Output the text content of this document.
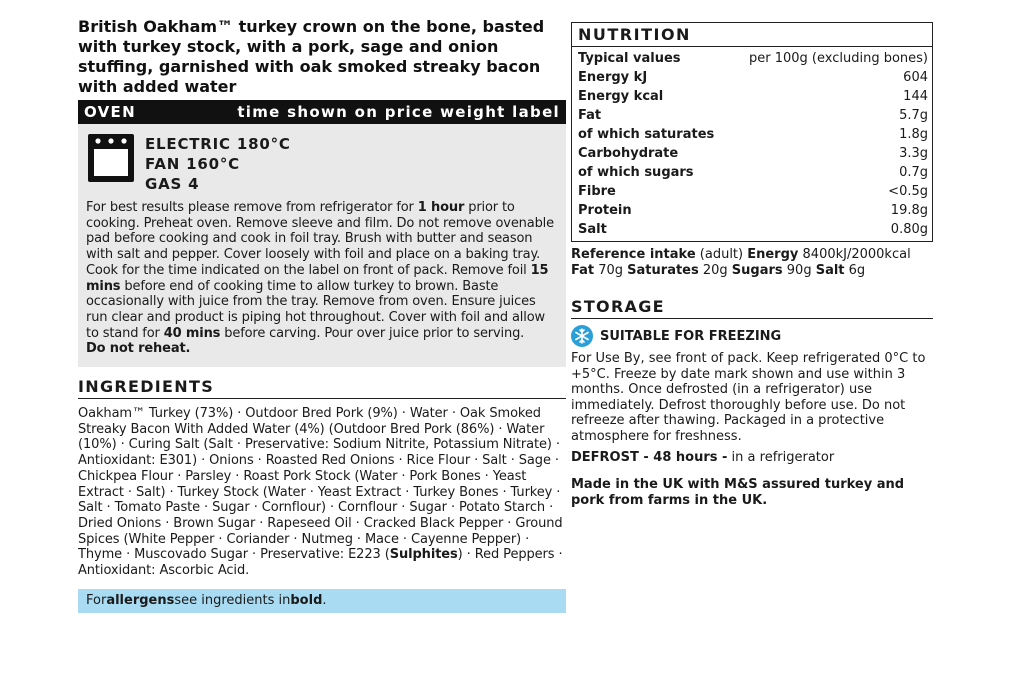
British Oakham™ turkey crown on the bone, basted with turkey stock, with a pork, sage and onion stuffing, garnished with oak smoked streaky bacon with added water
OVEN	time shown on price weight label
ELECTRIC 180°C
FAN 160°C
GAS 4
For best results please remove from refrigerator for 1 hour prior to cooking. Preheat oven. Remove sleeve and film. Do not remove ovenable pad before cooking and cook in foil tray. Brush with butter and season with salt and pepper. Cover loosely with foil and place on a baking tray. Cook for the time indicated on the label on front of pack. Remove foil 15 mins before end of cooking time to allow turkey to brown. Baste occasionally with juice from the tray. Remove from oven. Ensure juices run clear and product is piping hot throughout. Cover with foil and allow to stand for 40 mins before carving. Pour over juice prior to serving.
Do not reheat.
INGREDIENTS
Oakham™ Turkey (73%) · Outdoor Bred Pork (9%) · Water · Oak Smoked Streaky Bacon With Added Water (4%) (Outdoor Bred Pork (86%) · Water (10%) · Curing Salt (Salt · Preservative: Sodium Nitrite, Potassium Nitrate) · Antioxidant: E301) · Onions · Roasted Red Onions · Rice Flour · Salt · Sage · Chickpea Flour · Parsley · Roast Pork Stock (Water · Pork Bones · Yeast Extract · Salt) · Turkey Stock (Water · Yeast Extract · Turkey Bones · Turkey · Salt · Tomato Paste · Sugar · Cornflour) · Cornflour · Sugar · Potato Starch · Dried Onions · Brown Sugar · Rapeseed Oil · Cracked Black Pepper · Ground Spices (White Pepper · Coriander · Nutmeg · Mace · Cayenne Pepper) · Thyme · Muscovado Sugar · Preservative: E223 (Sulphites) · Red Peppers · Antioxidant: Ascorbic Acid.
For allergens see ingredients in bold .
NUTRITION
Typical values	per 100g (excluding bones)
Energy kJ	604
Energy kcal	144
Fat	5.7g
of which saturates	1.8g
Carbohydrate	3.3g
of which sugars	0.7g
Fibre	<0.5g
Protein	19.8g
Salt	0.80g
Reference intake (adult) Energy 8400kJ/2000kcal Fat 70g Saturates 20g Sugars 90g Salt 6g
STORAGE
SUITABLE FOR FREEZING
For Use By, see front of pack. Keep refrigerated 0°C to +5°C. Freeze by date mark shown and use within 3 months. Once defrosted (in a refrigerator) use immediately. Defrost thoroughly before use. Do not refreeze after thawing. Packaged in a protective atmosphere for freshness.
DEFROST - 48 hours - in a refrigerator
Made in the UK with M&S assured turkey and pork from farms in the UK.
